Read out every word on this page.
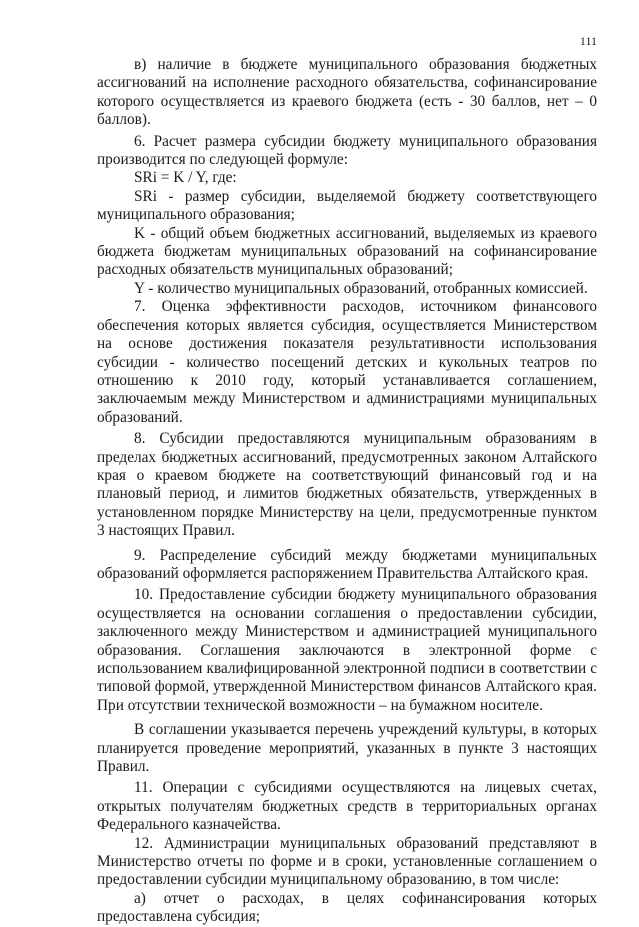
111

в) наличие в бюджете муниципального образования бюджетных ассигнований на исполнение расходного обязательства, софинансирование которого осуществляется из краевого бюджета (есть - 30 баллов, нет – 0 баллов).

6. Расчет размера субсидии бюджету муниципального образования производится по следующей формуле:

SRi = K / Y, где:

SRi - размер субсидии, выделяемой бюджету соответствующего муниципального образования;

K - общий объем бюджетных ассигнований, выделяемых из краевого бюджета бюджетам муниципальных образований на софинансирование расходных обязательств муниципальных образований;

Y - количество муниципальных образований, отобранных комиссией.

7. Оценка эффективности расходов, источником финансового обеспечения которых является субсидия, осуществляется Министерством на основе достижения показателя результативности использования субсидии - количество посещений детских и кукольных театров по отношению к 2010 году, который устанавливается соглашением, заключаемым между Министерством и администрациями муниципальных образований.

8. Субсидии предоставляются муниципальным образованиям в пределах бюджетных ассигнований, предусмотренных законом Алтайского края о краевом бюджете на соответствующий финансовый год и на плановый период, и лимитов бюджетных обязательств, утвержденных в установленном порядке Министерству на цели, предусмотренные пунктом 3 настоящих Правил.

9. Распределение субсидий между бюджетами муниципальных образований оформляется распоряжением Правительства Алтайского края.

10. Предоставление субсидии бюджету муниципального образования осуществляется на основании соглашения о предоставлении субсидии, заключенного между Министерством и администрацией муниципального образования. Соглашения заключаются в электронной форме с использованием квалифицированной электронной подписи в соответствии с типовой формой, утвержденной Министерством финансов Алтайского края. При отсутствии технической возможности – на бумажном носителе.

В соглашении указывается перечень учреждений культуры, в которых планируется проведение мероприятий, указанных в пункте 3 настоящих Правил.

11. Операции с субсидиями осуществляются на лицевых счетах, открытых получателям бюджетных средств в территориальных органах Федерального казначейства.

12. Администрации муниципальных образований представляют в Министерство отчеты по форме и в сроки, установленные соглашением о предоставлении субсидии муниципальному образованию, в том числе:

а) отчет о расходах, в целях софинансирования которых предоставлена субсидия;
